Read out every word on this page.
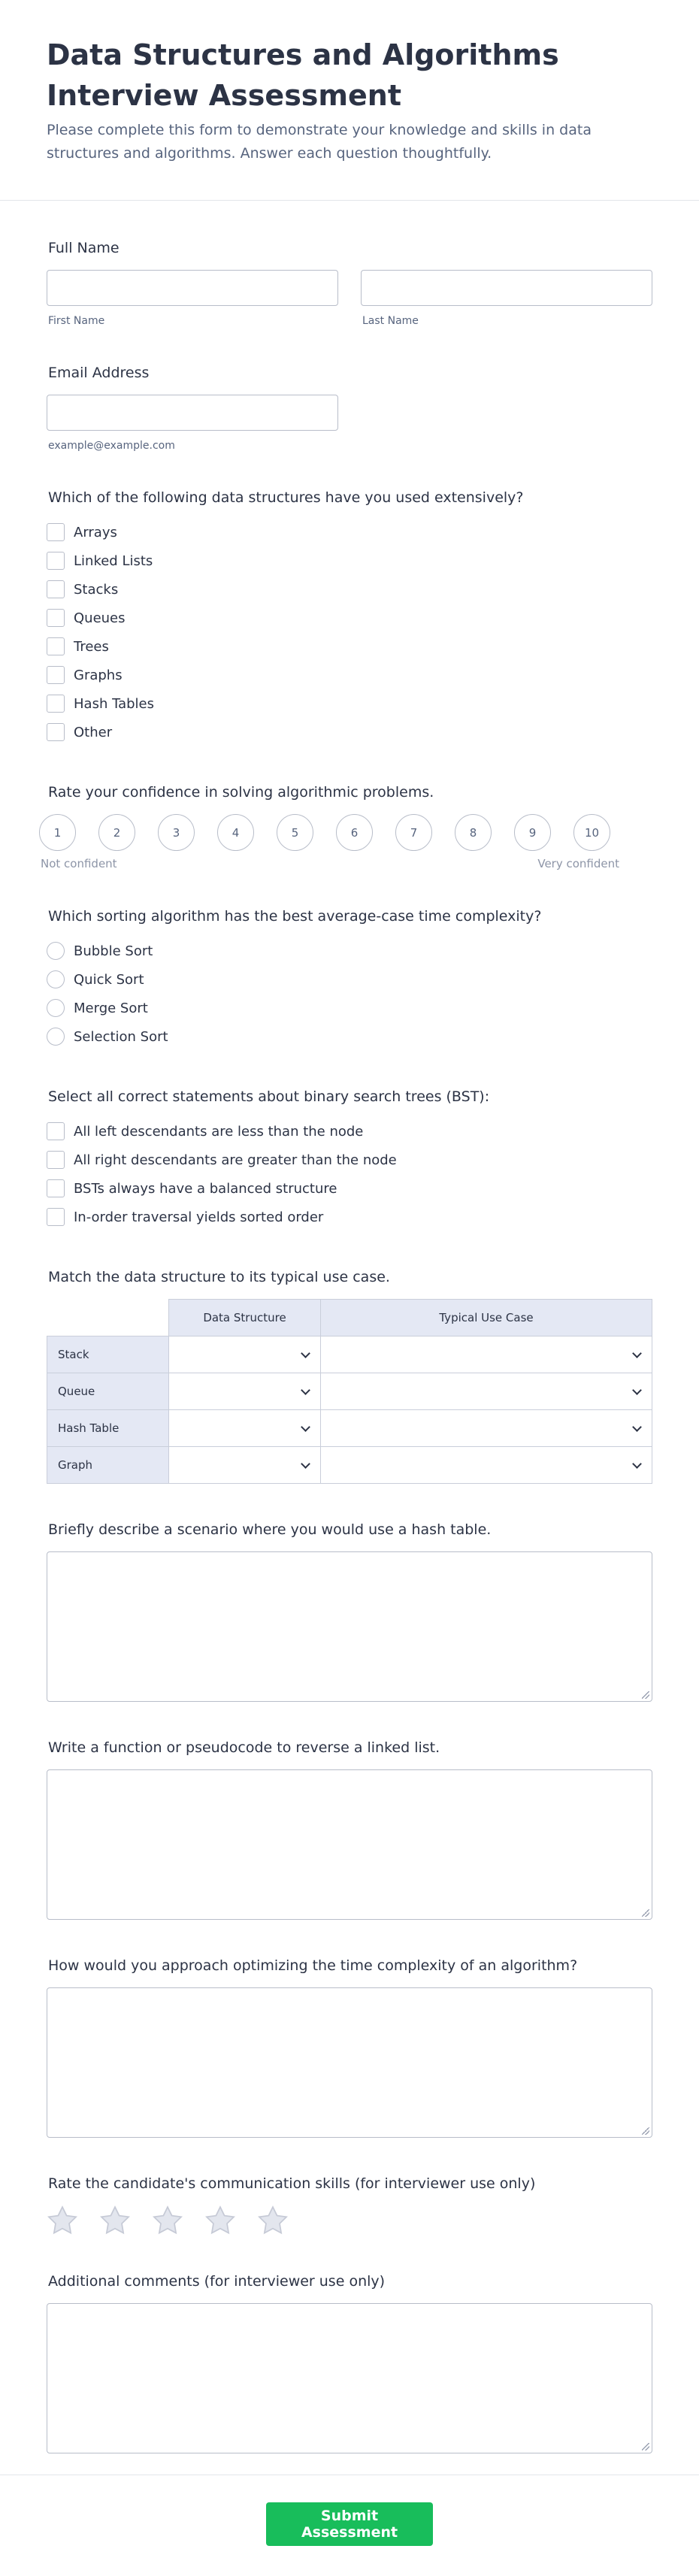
Data Structures and Algorithms Interview Assessment

Please complete this form to demonstrate your knowledge and skills in data structures and algorithms. Answer each question thoughtfully.

Full Name
First Name	Last Name
Email Address
example@example.com
Which of the following data structures have you used extensively?
Arrays
Linked Lists
Stacks
Queues
Trees
Graphs
Hash Tables
Other
Rate your confidence in solving algorithmic problems.
1	2	3	4	5	6	7	8	9	10
Not confident	Very confident
Which sorting algorithm has the best average-case time complexity?
Bubble Sort
Quick Sort
Merge Sort
Selection Sort
Select all correct statements about binary search trees (BST):
All left descendants are less than the node
All right descendants are greater than the node
BSTs always have a balanced structure
In-order traversal yields sorted order
Match the data structure to its typical use case.
	Data Structure	Typical Use Case
Stack	

Queue	

Hash Table	

Graph	

Briefly describe a scenario where you would use a hash table.
Write a function or pseudocode to reverse a linked list.
How would you approach optimizing the time complexity of an algorithm?
Rate the candidate's communication skills (for interviewer use only)
Additional comments (for interviewer use only)
Submit Assessment
